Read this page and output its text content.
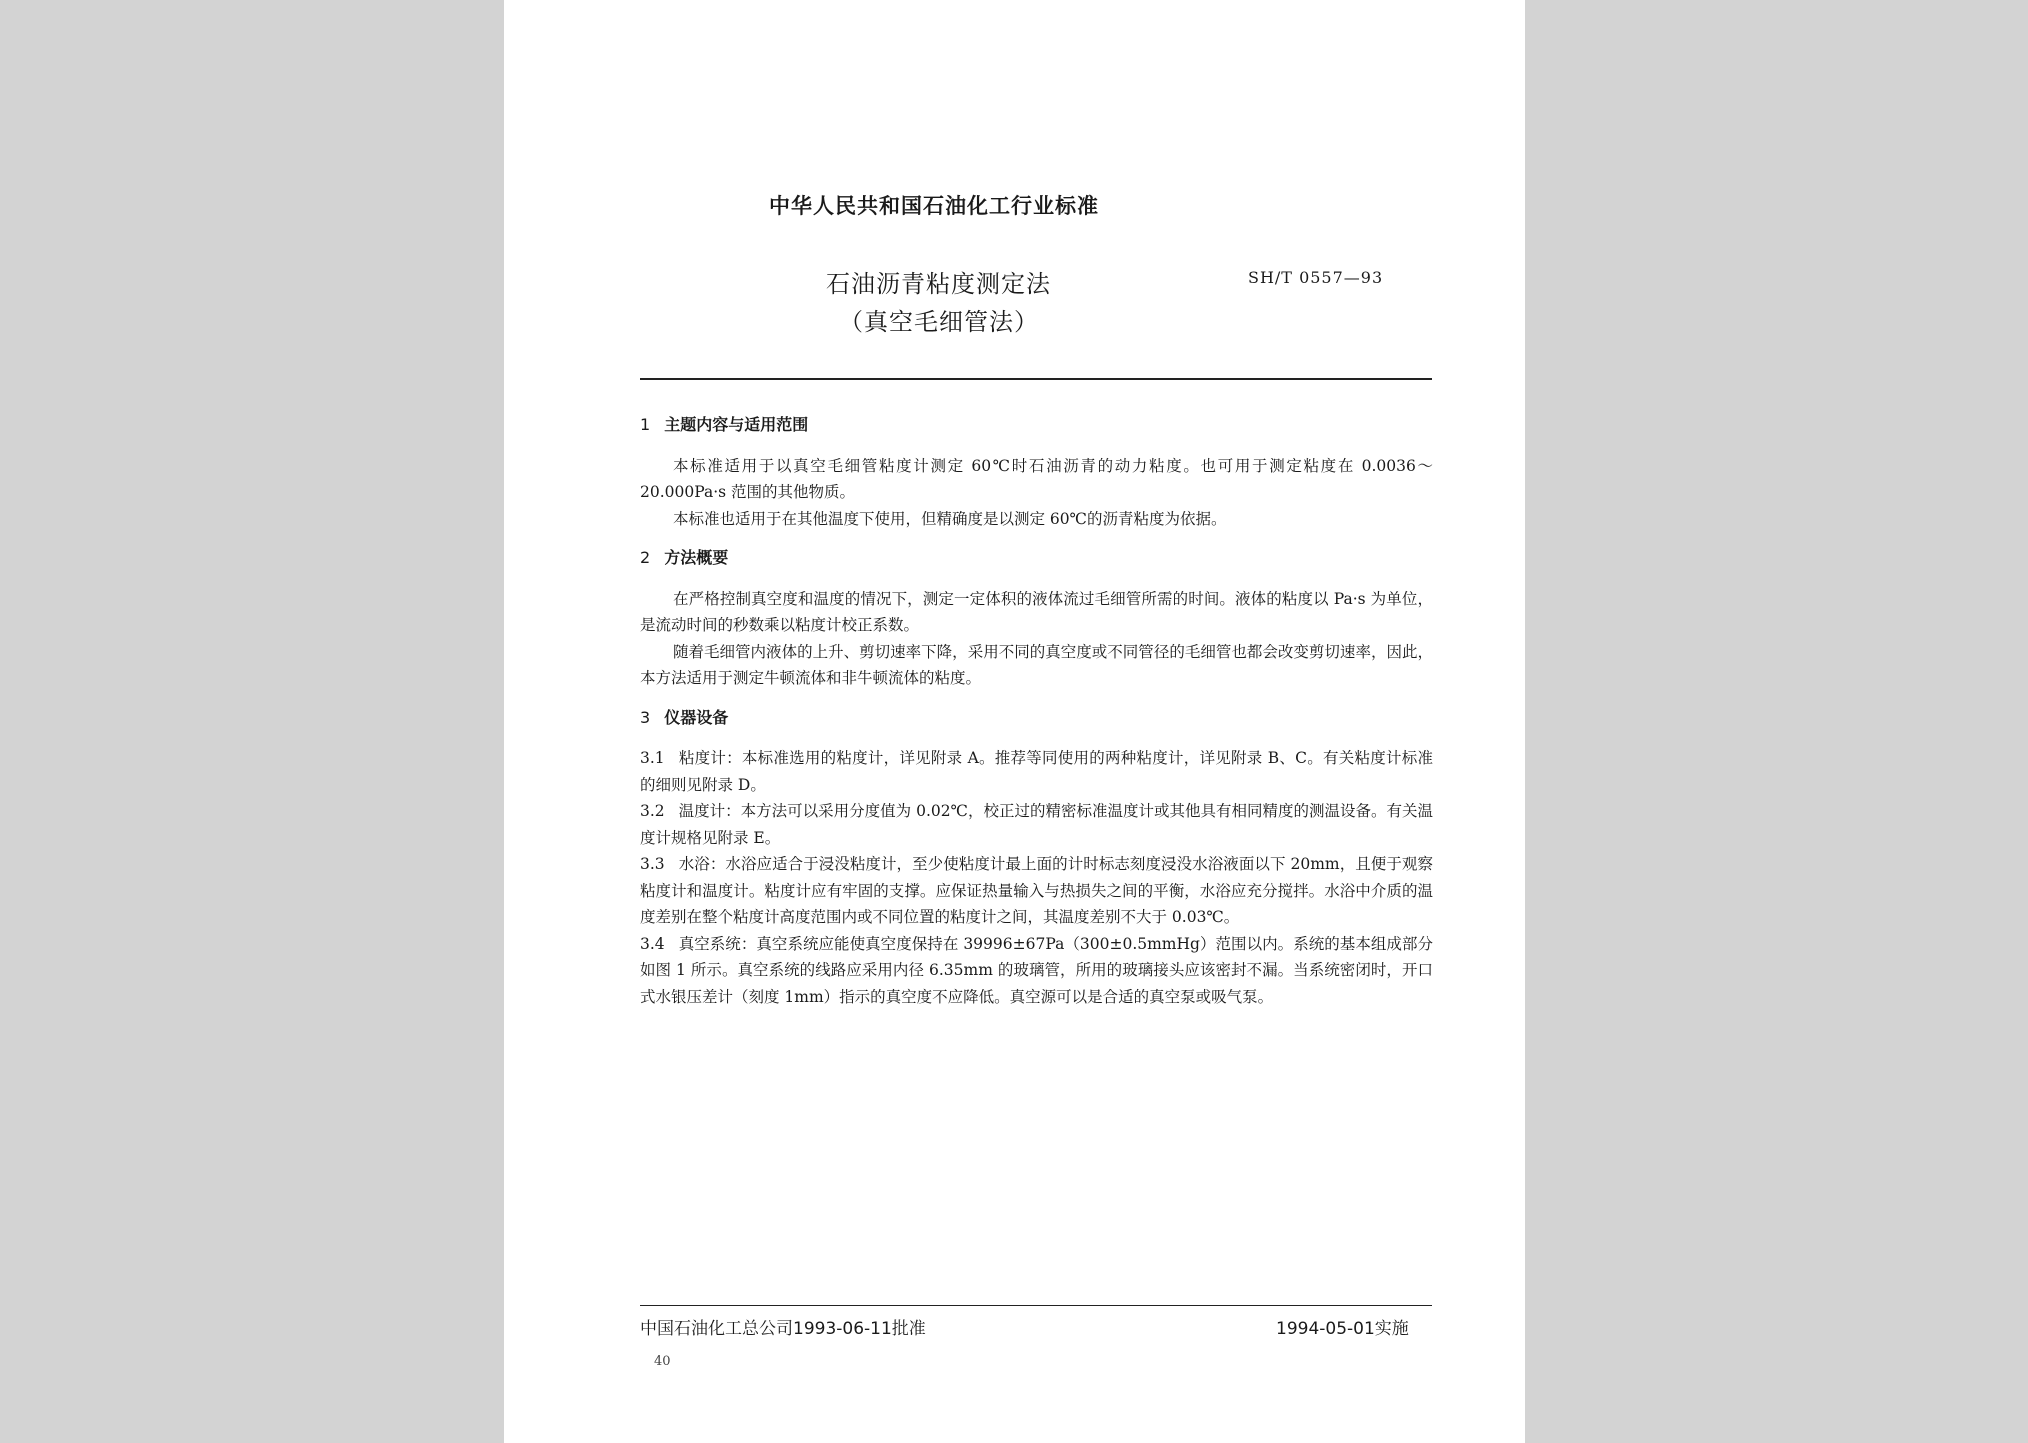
中华人民共和国石油化工行业标准
石油沥青粘度测定法
（真空毛细管法）
SH/T 0557—93
1 主题内容与适用范围

本标准适用于以真空毛细管粘度计测定 60℃时石油沥青的动力粘度。也可用于测定粘度在 0.0036～20.000Pa·s 范围的其他物质。

本标准也适用于在其他温度下使用，但精确度是以测定 60℃的沥青粘度为依据。

2 方法概要

在严格控制真空度和温度的情况下，测定一定体积的液体流过毛细管所需的时间。液体的粘度以 Pa·s 为单位，是流动时间的秒数乘以粘度计校正系数。

随着毛细管内液体的上升、剪切速率下降，采用不同的真空度或不同管径的毛细管也都会改变剪切速率，因此，本方法适用于测定牛顿流体和非牛顿流体的粘度。

3 仪器设备

3.1 粘度计：本标准选用的粘度计，详见附录 A。推荐等同使用的两种粘度计，详见附录 B、C。有关粘度计标准的细则见附录 D。

3.2 温度计：本方法可以采用分度值为 0.02℃，校正过的精密标准温度计或其他具有相同精度的测温设备。有关温度计规格见附录 E。

3.3 水浴：水浴应适合于浸没粘度计，至少使粘度计最上面的计时标志刻度浸没水浴液面以下 20mm，且便于观察粘度计和温度计。粘度计应有牢固的支撑。应保证热量输入与热损失之间的平衡，水浴应充分搅拌。水浴中介质的温度差别在整个粘度计高度范围内或不同位置的粘度计之间，其温度差别不大于 0.03℃。

3.4 真空系统：真空系统应能使真空度保持在 39996±67Pa（300±0.5mmHg）范围以内。系统的基本组成部分如图 1 所示。真空系统的线路应采用内径 6.35mm 的玻璃管，所用的玻璃接头应该密封不漏。当系统密闭时，开口式水银压差计（刻度 1mm）指示的真空度不应降低。真空源可以是合适的真空泵或吸气泵。

中国石油化工总公司1993-06-11批准	1994-05-01实施
40
